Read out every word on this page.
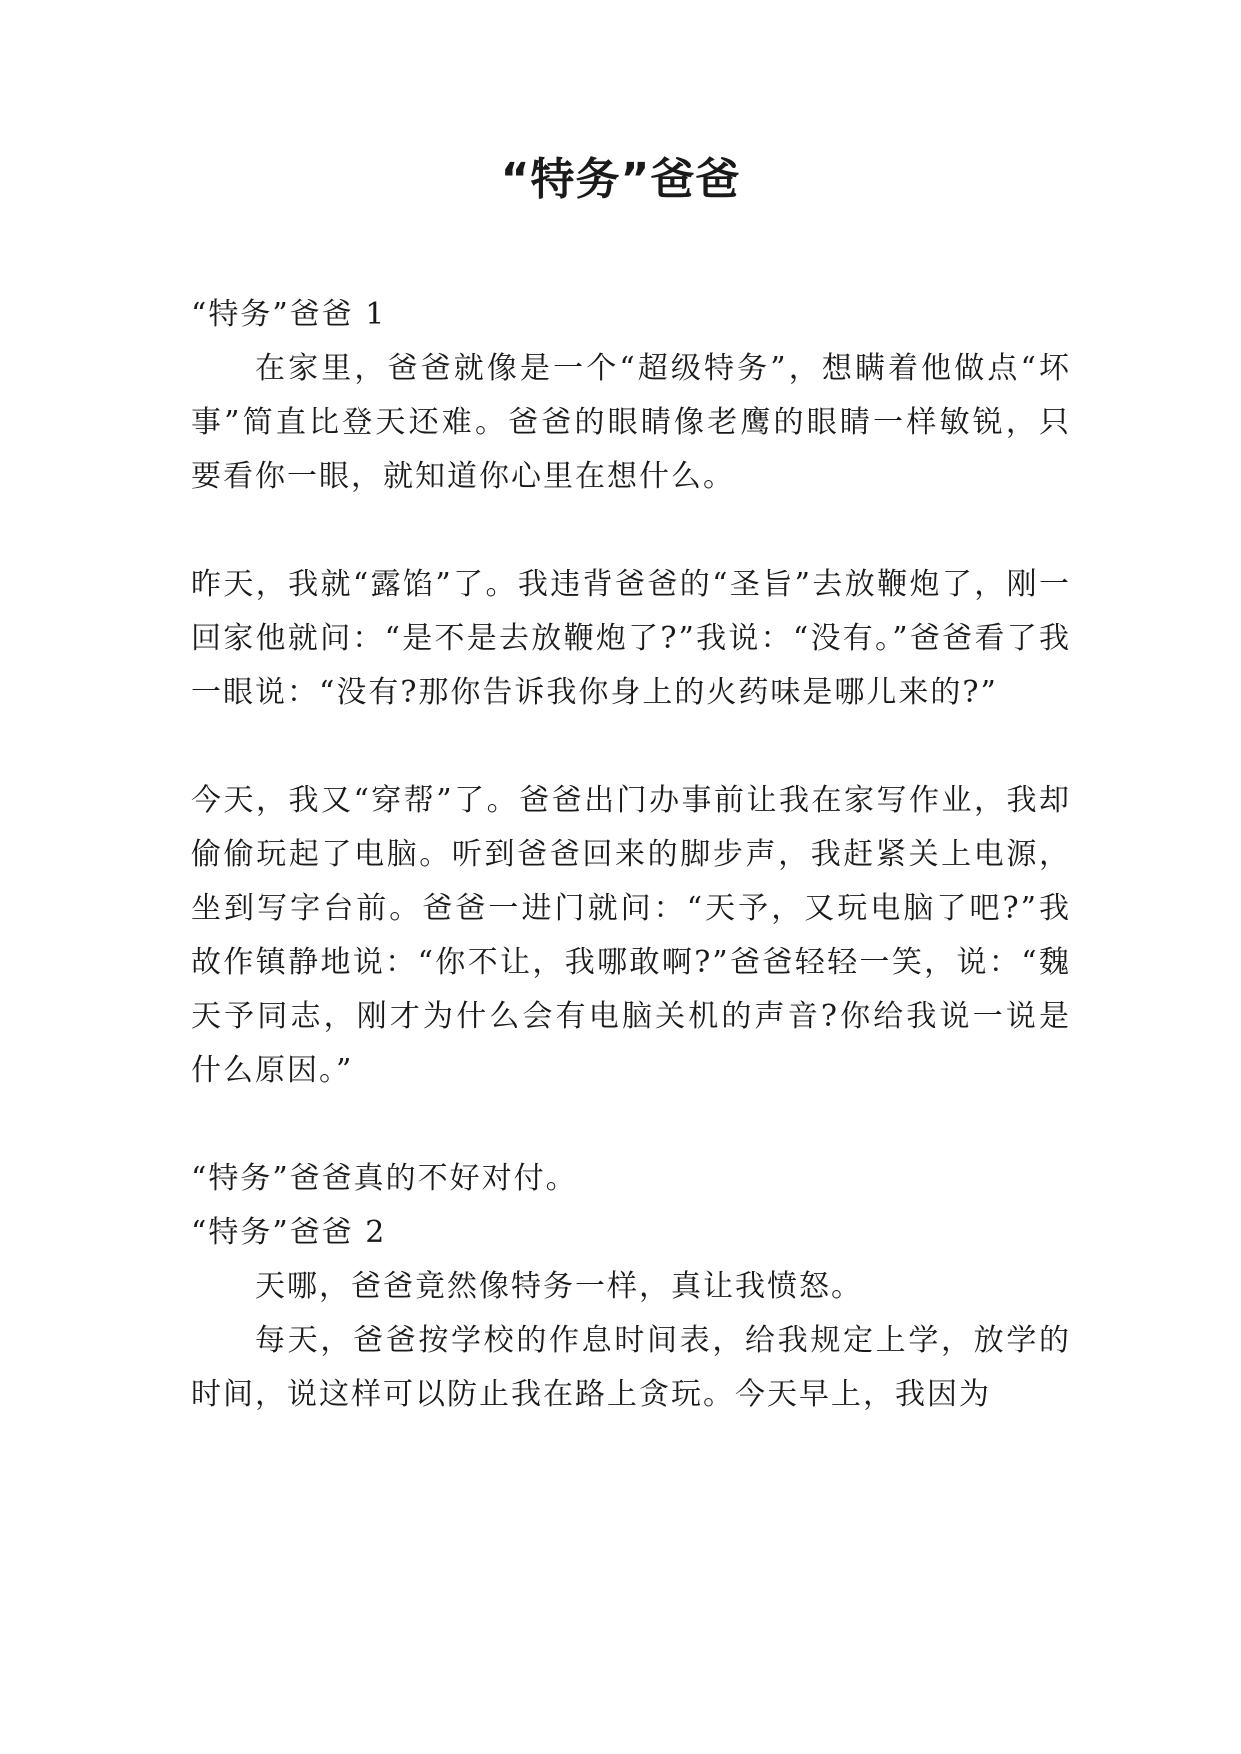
“特务”爸爸

“特务”爸爸 1

在家里，爸爸就像是一个“超级特务”，想瞒着他做点“坏事”简直比登天还难。爸爸的眼睛像老鹰的眼睛一样敏锐，只要看你一眼，就知道你心里在想什么。

昨天，我就“露馅”了。我违背爸爸的“圣旨”去放鞭炮了，刚一回家他就问：“是不是去放鞭炮了?”我说：“没有。”爸爸看了我一眼说：“没有?那你告诉我你身上的火药味是哪儿来的?”

今天，我又“穿帮”了。爸爸出门办事前让我在家写作业，我却偷偷玩起了电脑。听到爸爸回来的脚步声，我赶紧关上电源，坐到写字台前。爸爸一进门就问：“天予，又玩电脑了吧?”我故作镇静地说：“你不让，我哪敢啊?”爸爸轻轻一笑，说：“魏天予同志，刚才为什么会有电脑关机的声音?你给我说一说是什么原因。”

“特务”爸爸真的不好对付。

“特务”爸爸 2

天哪，爸爸竟然像特务一样，真让我愤怒。

每天，爸爸按学校的作息时间表，给我规定上学，放学的时间，说这样可以防止我在路上贪玩。今天早上，我因为
